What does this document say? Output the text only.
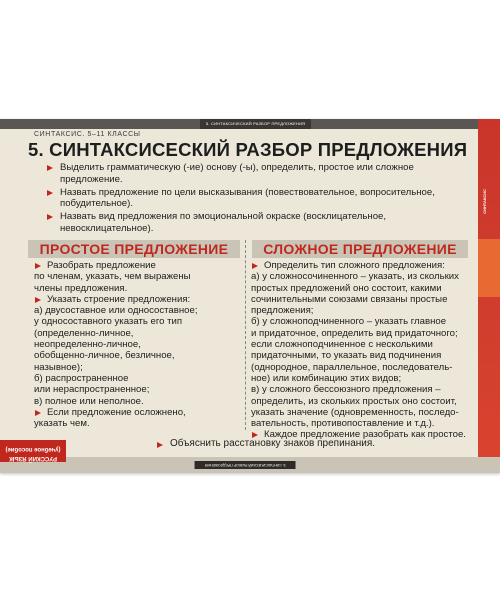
5. СИНТАКСИЧЕСКИЙ РАЗБОР ПРЕДЛОЖЕНИЯ
СИНТАКСИС
СИНТАКСИС. 5–11 КЛАССЫ
5. СИНТАКСИСЕСКИЙ РАЗБОР ПРЕДЛОЖЕНИЯ
Выделить грамматическую (-ие) основу (-ы), определить, простое или сложное
предложение.
Назвать предложение по цели высказывания (повествовательное, вопросительное,
побудительное).
Назвать вид предложения по эмоциональной окраске (восклицательное,
невосклицательное).
ПРОСТОЕ ПРЕДЛОЖЕНИЕ	СЛОЖНОЕ ПРЕДЛОЖЕНИЕ
Разобрать предложение
по членам, указать, чем выражены
члены предложения.
Указать строение предложения:
а) двусоставное или односоставное;
у односоставного указать его тип
(определенно-личное,
неопределенно-личное,
обобщенно-личное, безличное,
назывное);
б) распространенное
или нераспространенное;
в) полное или неполное.
Если предложение осложнено,
указать чем.
Определить тип сложного предложения:
а) у сложносочиненного – указать, из скольких
простых предложений оно состоит, какими
сочинительными союзами связаны простые
предложения;
б) у сложноподчиненного – указать главное
и придаточное, определить вид придаточного;
если сложноподчиненное с несколькими
придаточными, то указать вид подчинения
(однородное, параллельное, последователь-
ное) или комбинацию этих видов;
в) у сложного бессоюзного предложения –
определить, из скольких простых оно состоит,
указать значение (одновременность, последо-
вательность, противопоставление и т.д.).
Каждое предложение разобрать как простое.
Объяснить расстановку знаков препинания.
5. СИНТАКСИЧЕСКИЙ РАЗБОР ПРЕДЛОЖЕНИЯ
РУССКИЙ ЯЗЫК
(учебное пособие)
